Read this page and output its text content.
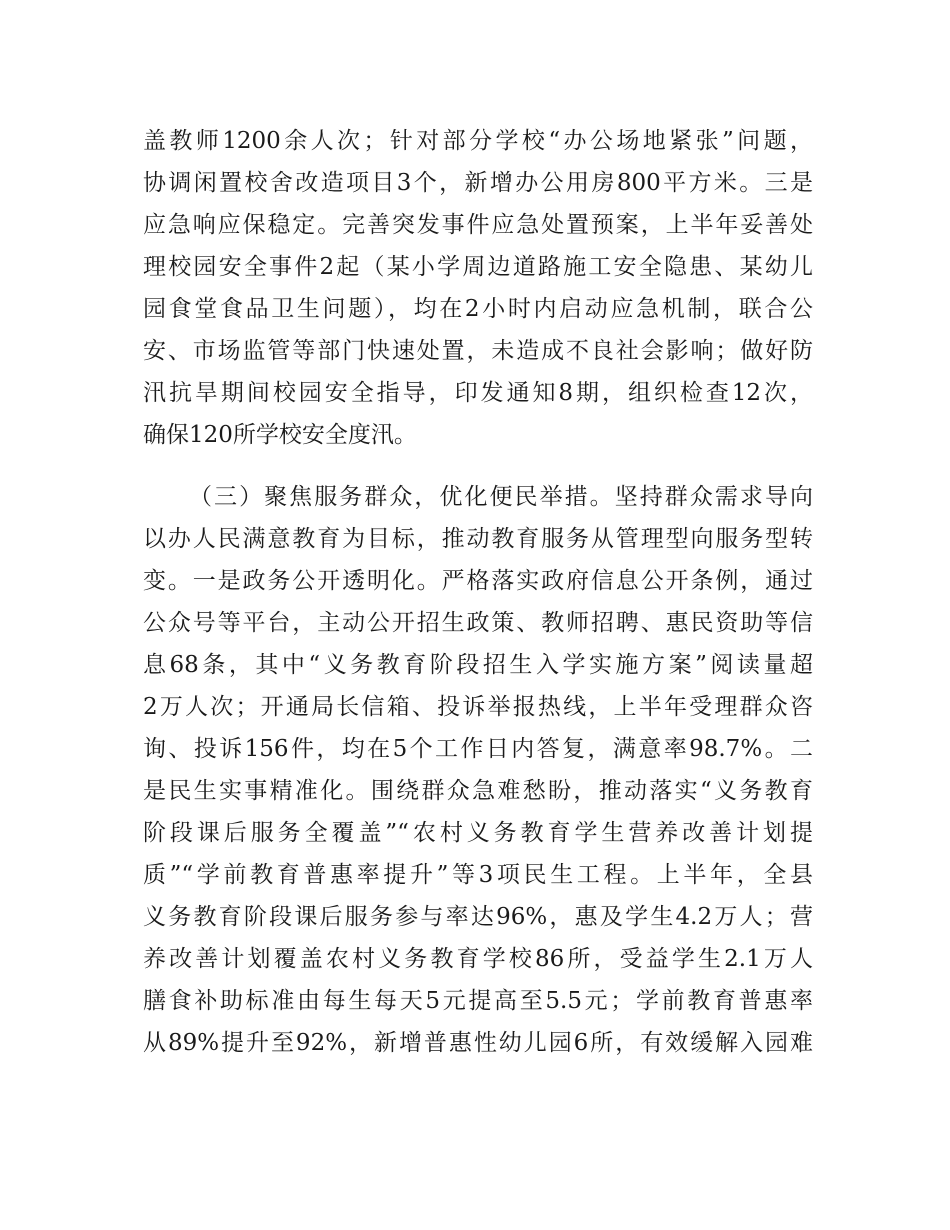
盖教师1200余人次；针对部分学校“办公场地紧张”问题，
协调闲置校舍改造项目3个，新增办公用房800平方米。三是
应急响应保稳定。完善突发事件应急处置预案，上半年妥善处
理校园安全事件2起（某小学周边道路施工安全隐患、某幼儿
园食堂食品卫生问题），均在2小时内启动应急机制，联合公
安、市场监管等部门快速处置，未造成不良社会影响；做好防
汛抗旱期间校园安全指导，印发通知8期，组织检查12次，
确保120所学校安全度汛。
（三）聚焦服务群众，优化便民举措。坚持群众需求导向
以办人民满意教育为目标，推动教育服务从管理型向服务型转
变。一是政务公开透明化。严格落实政府信息公开条例，通过
公众号等平台，主动公开招生政策、教师招聘、惠民资助等信
息68条，其中“义务教育阶段招生入学实施方案”阅读量超
2万人次；开通局长信箱、投诉举报热线，上半年受理群众咨
询、投诉156件，均在5个工作日内答复，满意率98.7%。二
是民生实事精准化。围绕群众急难愁盼，推动落实“义务教育
阶段课后服务全覆盖”“农村义务教育学生营养改善计划提
质”“学前教育普惠率提升”等3项民生工程。上半年，全县
义务教育阶段课后服务参与率达96%，惠及学生4.2万人；营
养改善计划覆盖农村义务教育学校86所，受益学生2.1万人
膳食补助标准由每生每天5元提高至5.5元；学前教育普惠率
从89%提升至92%，新增普惠性幼儿园6所，有效缓解入园难
